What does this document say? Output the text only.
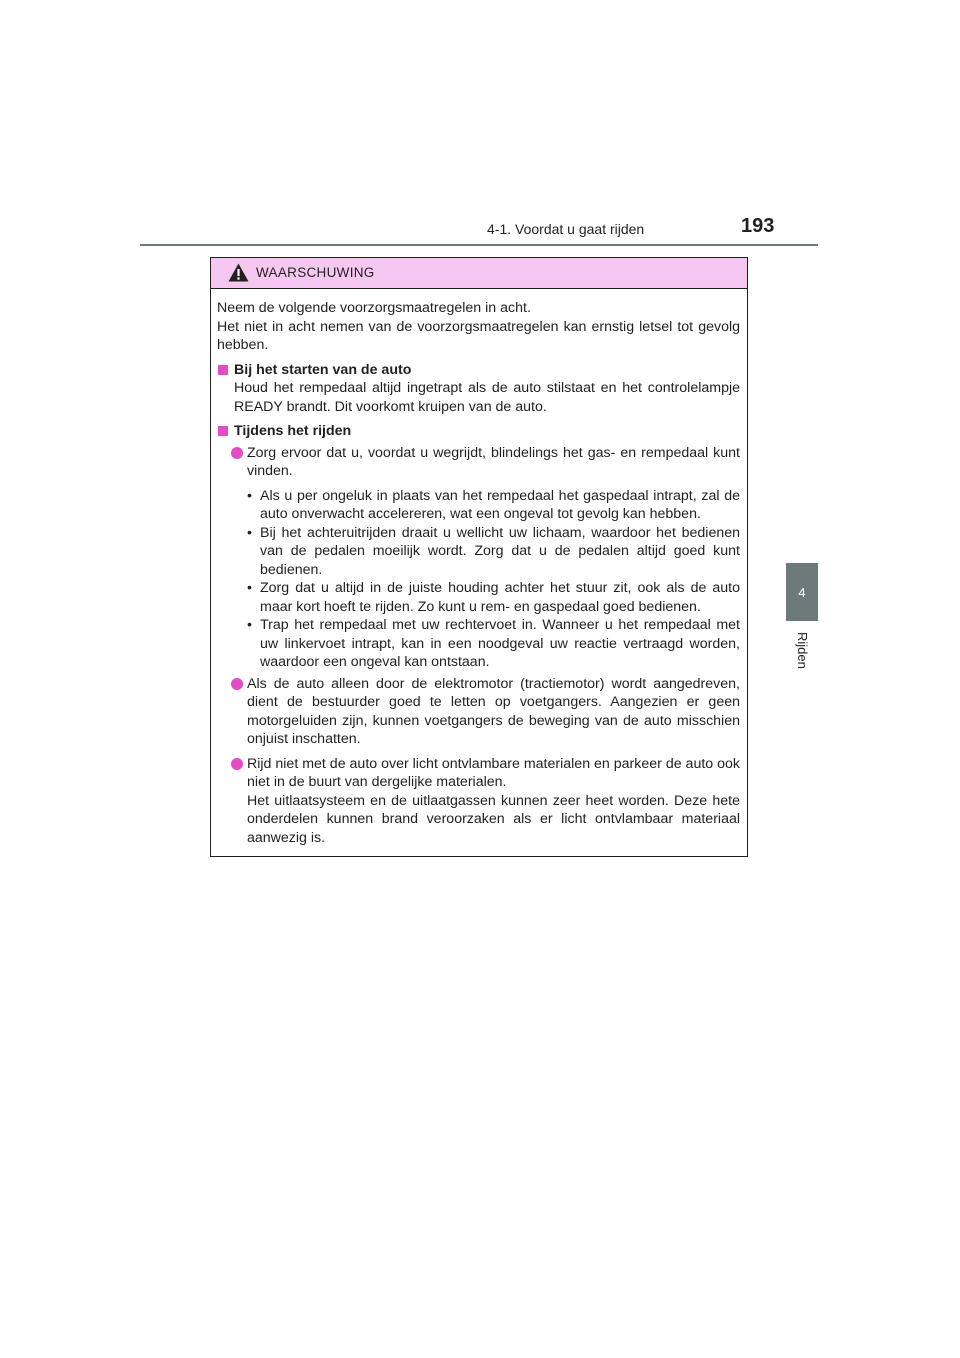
4-1. Voordat u gaat rijden	193
4
Rijden
WAARSCHUWING

Neem de volgende voorzorgsmaatregelen in acht.

Het niet in acht nemen van de voorzorgsmaatregelen kan ernstig letsel tot gevolg hebben.

Bij het starten van de auto

Houd het rempedaal altijd ingetrapt als de auto stilstaat en het controlelampje READY brandt. Dit voorkomt kruipen van de auto.

Tijdens het rijden

Zorg ervoor dat u, voordat u wegrijdt, blindelings het gas- en rempedaal kunt vinden.

• Als u per ongeluk in plaats van het rempedaal het gaspedaal intrapt, zal de auto onverwacht accelereren, wat een ongeval tot gevolg kan hebben.

• Bij het achteruitrijden draait u wellicht uw lichaam, waardoor het bedienen van de pedalen moeilijk wordt. Zorg dat u de pedalen altijd goed kunt bedienen.

• Zorg dat u altijd in de juiste houding achter het stuur zit, ook als de auto maar kort hoeft te rijden. Zo kunt u rem- en gaspedaal goed bedienen.

• Trap het rempedaal met uw rechtervoet in. Wanneer u het rempedaal met uw linkervoet intrapt, kan in een noodgeval uw reactie vertraagd worden, waardoor een ongeval kan ontstaan.

Als de auto alleen door de elektromotor (tractiemotor) wordt aangedreven, dient de bestuurder goed te letten op voetgangers. Aangezien er geen motorgeluiden zijn, kunnen voetgangers de beweging van de auto misschien onjuist inschatten.

Rijd niet met de auto over licht ontvlambare materialen en parkeer de auto ook niet in de buurt van dergelijke materialen.

Het uitlaatsysteem en de uitlaatgassen kunnen zeer heet worden. Deze hete onderdelen kunnen brand veroorzaken als er licht ontvlambaar materiaal aanwezig is.
